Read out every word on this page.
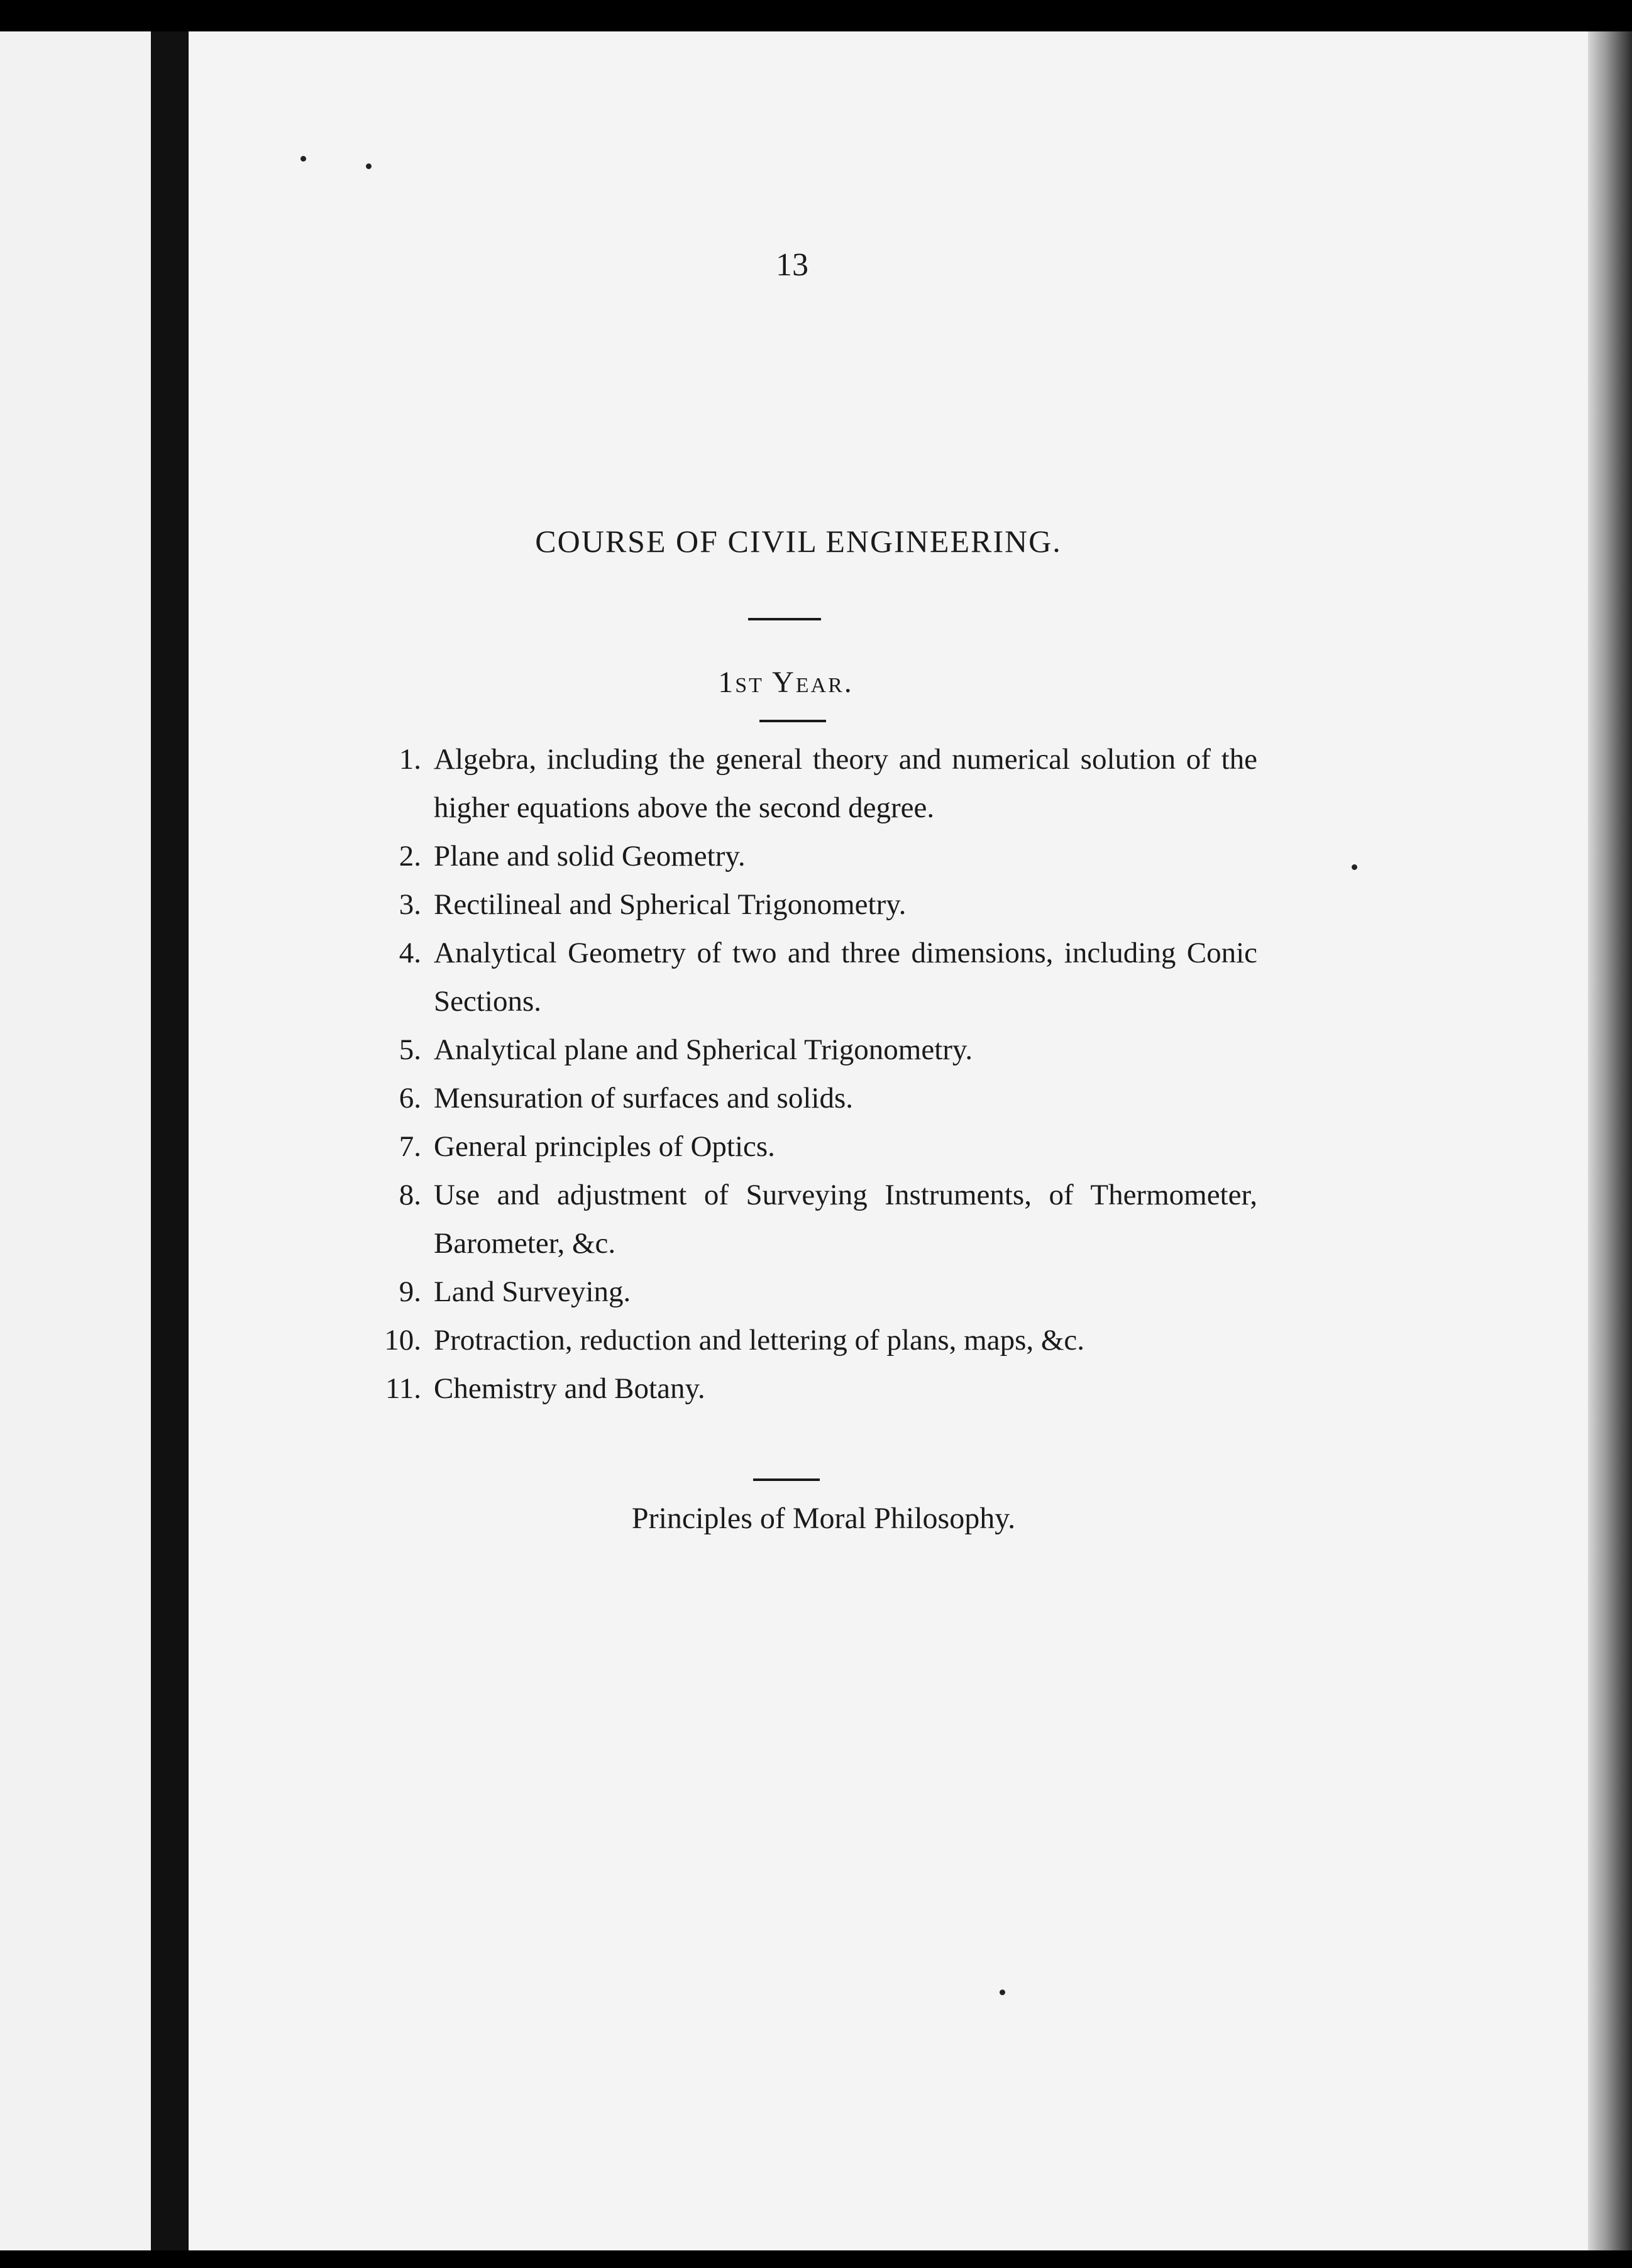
13
COURSE OF CIVIL ENGINEERING.
1st Year.
1. Algebra, including the general theory and numerical solution of the higher equations above the second degree.
2. Plane and solid Geometry.
3. Rectilineal and Spherical Trigonometry.
4. Analytical Geometry of two and three dimensions, including Conic Sections.
5. Analytical plane and Spherical Trigonometry.
6. Mensuration of surfaces and solids.
7. General principles of Optics.
8. Use and adjustment of Surveying Instruments, of Thermometer, Barometer, &c.
9. Land Surveying.
10. Protraction, reduction and lettering of plans, maps, &c.
11. Chemistry and Botany.
Principles of Moral Philosophy.
